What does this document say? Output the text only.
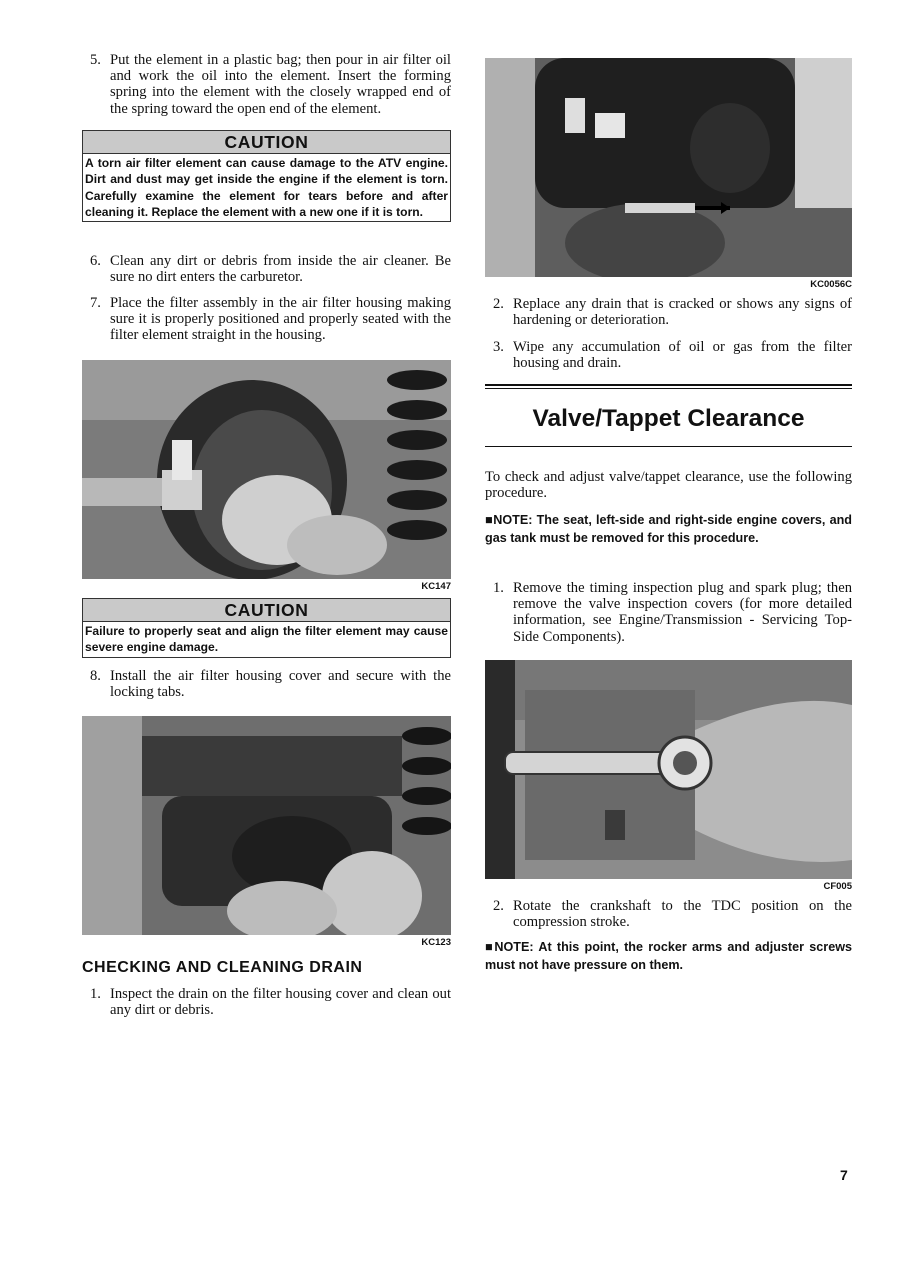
5. Put the element in a plastic bag; then pour in air filter oil and work the oil into the element. Insert the forming spring into the element with the closely wrapped end of the spring toward the open end of the element.
CAUTION
A torn air filter element can cause damage to the ATV engine. Dirt and dust may get inside the engine if the element is torn. Carefully examine the element for tears before and after cleaning it. Replace the element with a new one if it is torn.
6. Clean any dirt or debris from inside the air cleaner. Be sure no dirt enters the carburetor.
7. Place the filter assembly in the air filter housing making sure it is properly positioned and properly seated with the filter element straight in the housing.
KC147
CAUTION
Failure to properly seat and align the filter element may cause severe engine damage.
8. Install the air filter housing cover and secure with the locking tabs.
KC123
CHECKING AND CLEANING DRAIN
1. Inspect the drain on the filter housing cover and clean out any dirt or debris.
KC0056C
2. Replace any drain that is cracked or shows any signs of hardening or deterioration.
3. Wipe any accumulation of oil or gas from the filter housing and drain.
Valve/Tappet Clearance
To check and adjust valve/tappet clearance, use the following procedure.
■NOTE: The seat, left-side and right-side engine covers, and gas tank must be removed for this procedure.
1. Remove the timing inspection plug and spark plug; then remove the valve inspection covers (for more detailed information, see Engine/Transmission - Servicing Top-Side Components).
CF005
2. Rotate the crankshaft to the TDC position on the compression stroke.
■NOTE: At this point, the rocker arms and adjuster screws must not have pressure on them.
7
